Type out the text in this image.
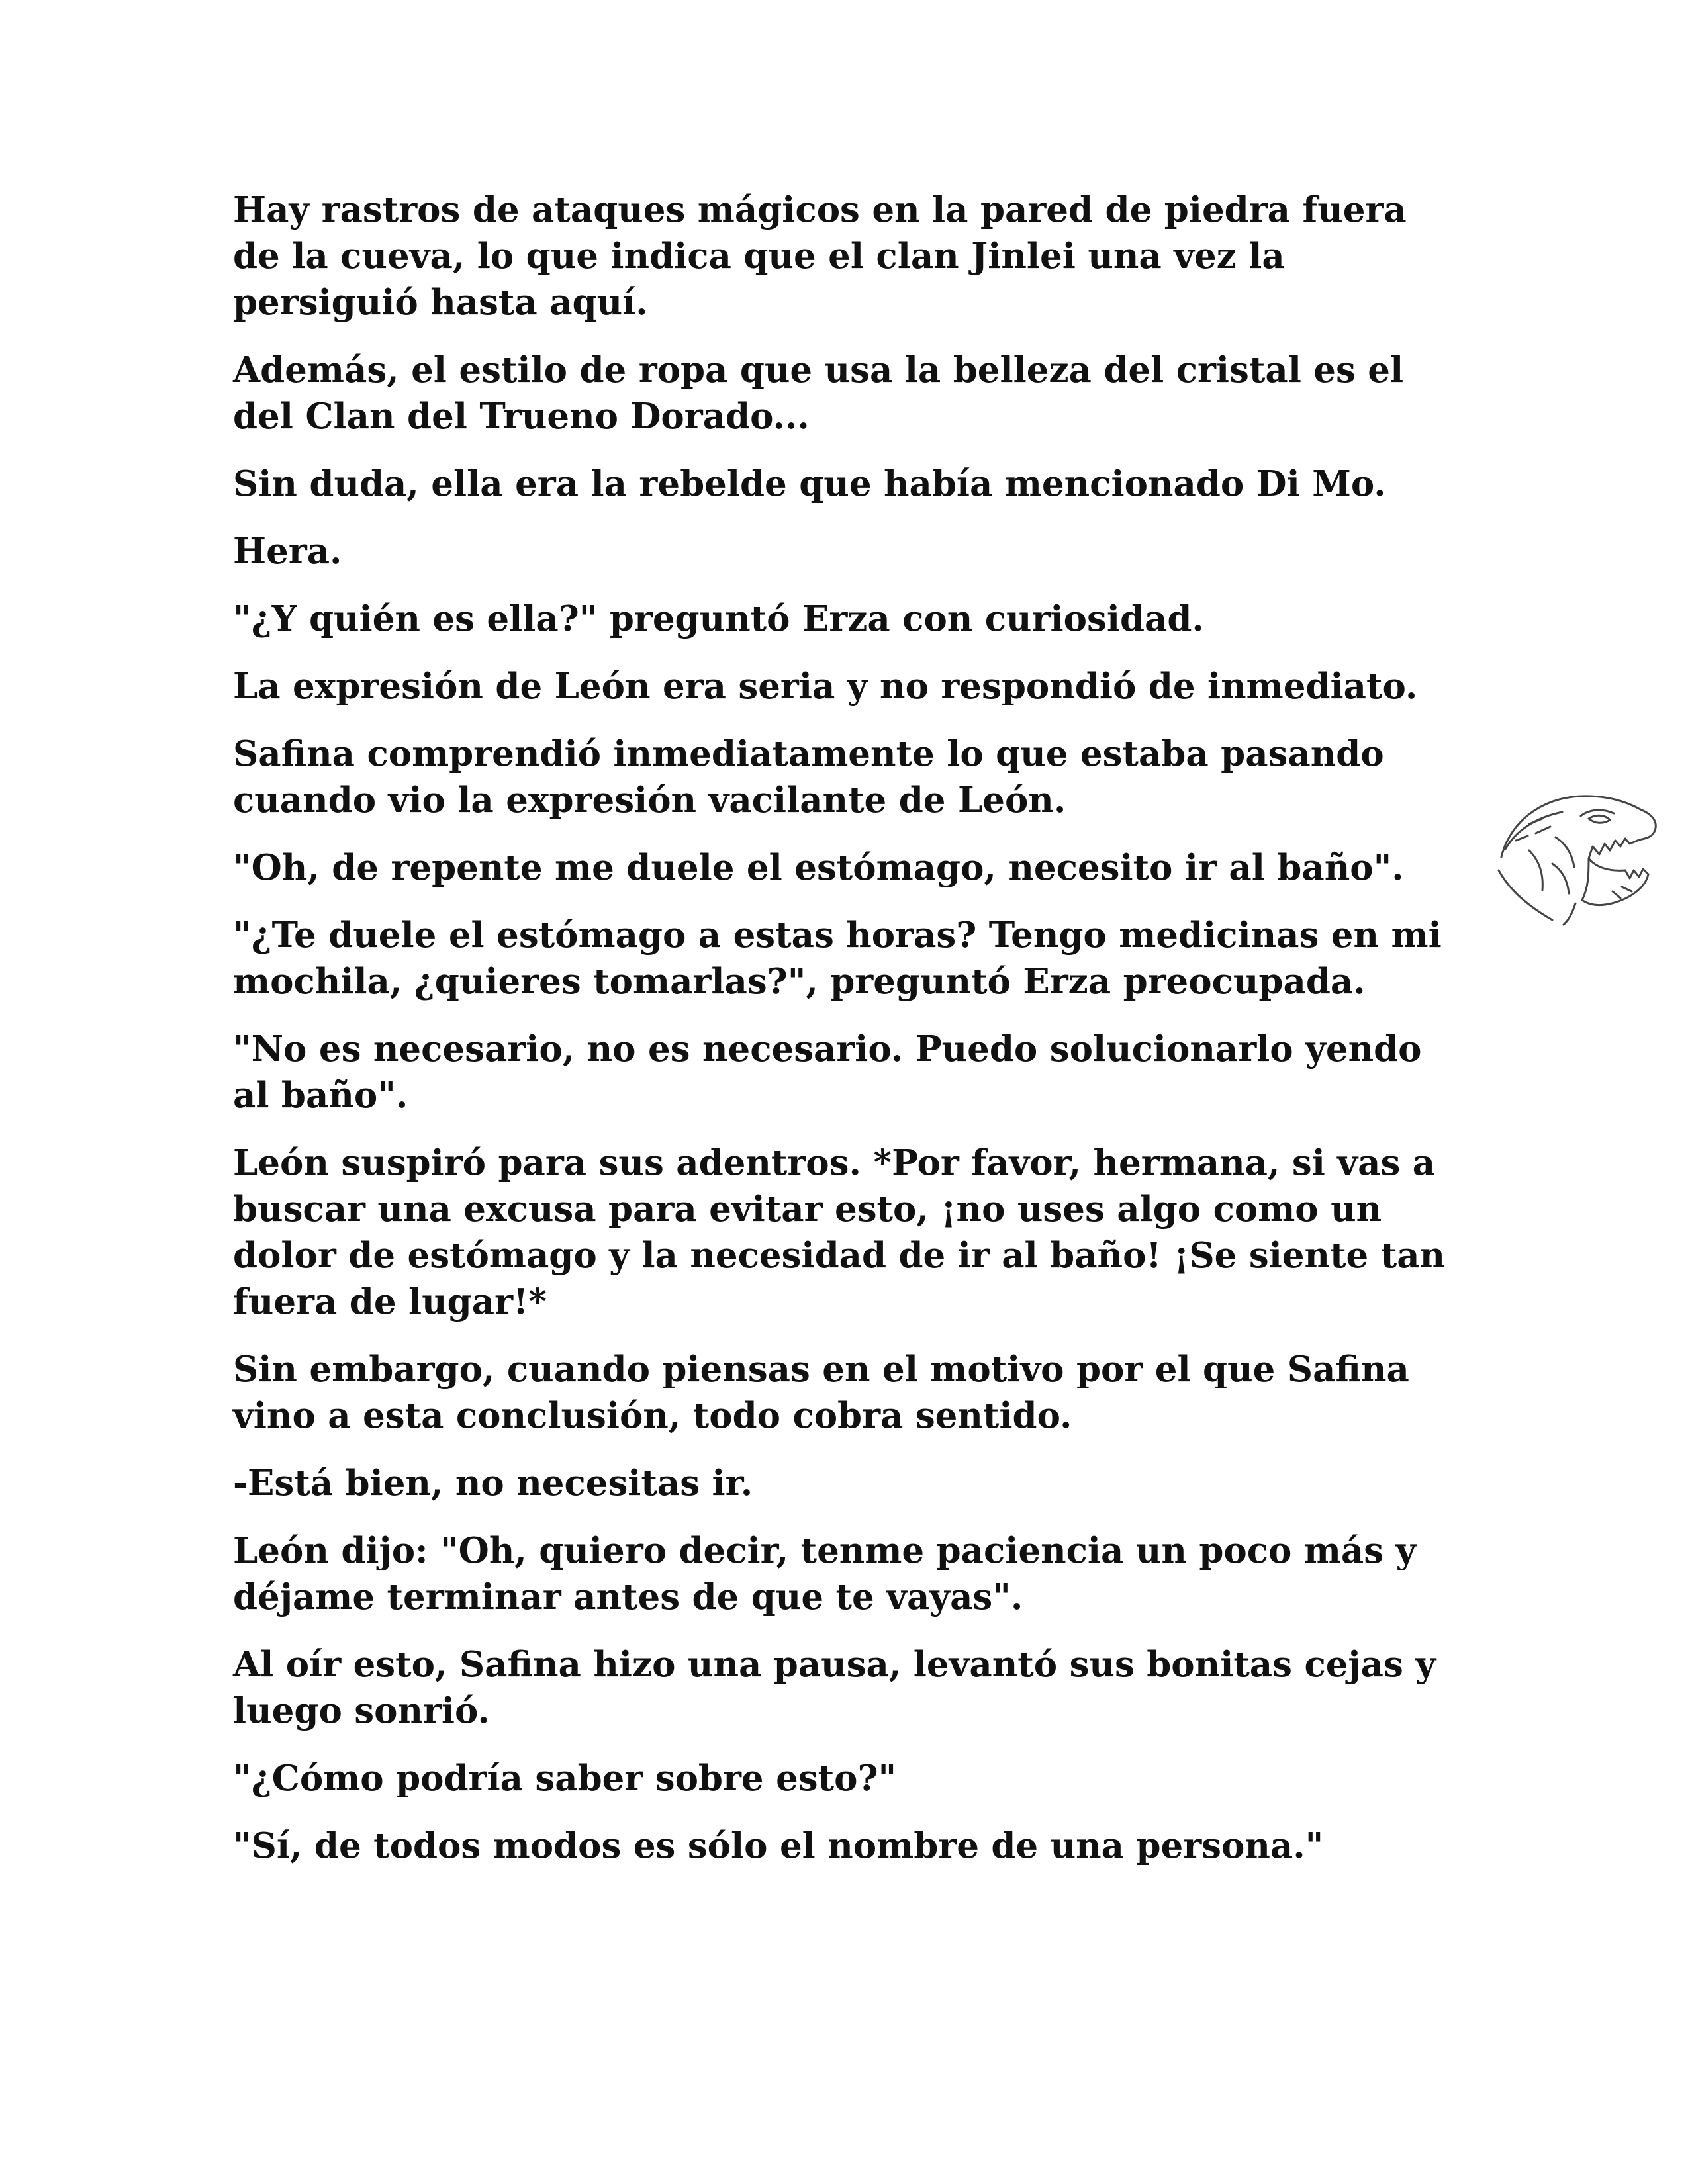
Hay rastros de ataques mágicos en la pared de piedra fuera de la cueva, lo que indica que el clan Jinlei una vez la persiguió hasta aquí.

Además, el estilo de ropa que usa la belleza del cristal es el del Clan del Trueno Dorado...

Sin duda, ella era la rebelde que había mencionado Di Mo.

Hera.

"¿Y quién es ella?" preguntó Erza con curiosidad.

La expresión de León era seria y no respondió de inmediato.

Safina comprendió inmediatamente lo que estaba pasando cuando vio la expresión vacilante de León.

"Oh, de repente me duele el estómago, necesito ir al baño".

"¿Te duele el estómago a estas horas? Tengo medicinas en mi mochila, ¿quieres tomarlas?", preguntó Erza preocupada.

"No es necesario, no es necesario. Puedo solucionarlo yendo al baño".

León suspiró para sus adentros. *Por favor, hermana, si vas a buscar una excusa para evitar esto, ¡no uses algo como un dolor de estómago y la necesidad de ir al baño! ¡Se siente tan fuera de lugar!*

Sin embargo, cuando piensas en el motivo por el que Safina vino a esta conclusión, todo cobra sentido.

-Está bien, no necesitas ir.

León dijo: "Oh, quiero decir, tenme paciencia un poco más y déjame terminar antes de que te vayas".

Al oír esto, Safina hizo una pausa, levantó sus bonitas cejas y luego sonrió.

"¿Cómo podría saber sobre esto?"

"Sí, de todos modos es sólo el nombre de una persona."
